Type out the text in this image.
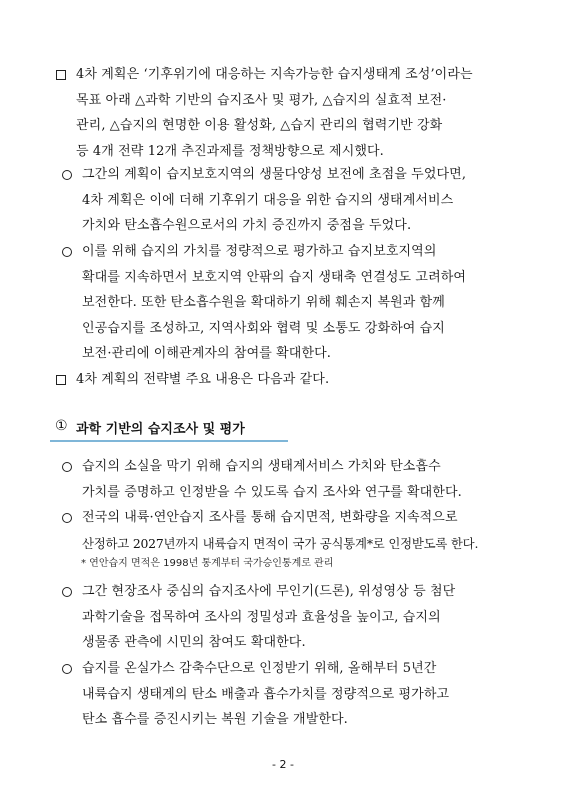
4차 계획은 ‘기후위기에 대응하는 지속가능한 습지생태계 조성’이라는
목표 아래 △과학 기반의 습지조사 및 평가, △습지의 실효적 보전·
관리, △습지의 현명한 이용 활성화, △습지 관리의 협력기반 강화
등 4개 전략 12개 추진과제를 정책방향으로 제시했다.
그간의 계획이 습지보호지역의 생물다양성 보전에 초점을 두었다면,
4차 계획은 이에 더해 기후위기 대응을 위한 습지의 생태계서비스
가치와 탄소흡수원으로서의 가치 증진까지 중점을 두었다.
이를 위해 습지의 가치를 정량적으로 평가하고 습지보호지역의
확대를 지속하면서 보호지역 안팎의 습지 생태축 연결성도 고려하여
보전한다. 또한 탄소흡수원을 확대하기 위해 훼손지 복원과 함께
인공습지를 조성하고, 지역사회와 협력 및 소통도 강화하여 습지
보전·관리에 이해관계자의 참여를 확대한다.
4차 계획의 전략별 주요 내용은 다음과 같다.
① 과학 기반의 습지조사 및 평가
습지의 소실을 막기 위해 습지의 생태계서비스 가치와 탄소흡수
가치를 증명하고 인정받을 수 있도록 습지 조사와 연구를 확대한다.
전국의 내륙·연안습지 조사를 통해 습지면적, 변화량을 지속적으로
산정하고 2027년까지 내륙습지 면적이 국가 공식통계*로 인정받도록 한다.
* 연안습지 면적은 1998년 통계부터 국가승인통계로 관리
그간 현장조사 중심의 습지조사에 무인기(드론), 위성영상 등 첨단
과학기술을 접목하여 조사의 정밀성과 효율성을 높이고, 습지의
생물종 관측에 시민의 참여도 확대한다.
습지를 온실가스 감축수단으로 인정받기 위해, 올해부터 5년간
내륙습지 생태계의 탄소 배출과 흡수가치를 정량적으로 평가하고
탄소 흡수를 증진시키는 복원 기술을 개발한다.
- 2 -
